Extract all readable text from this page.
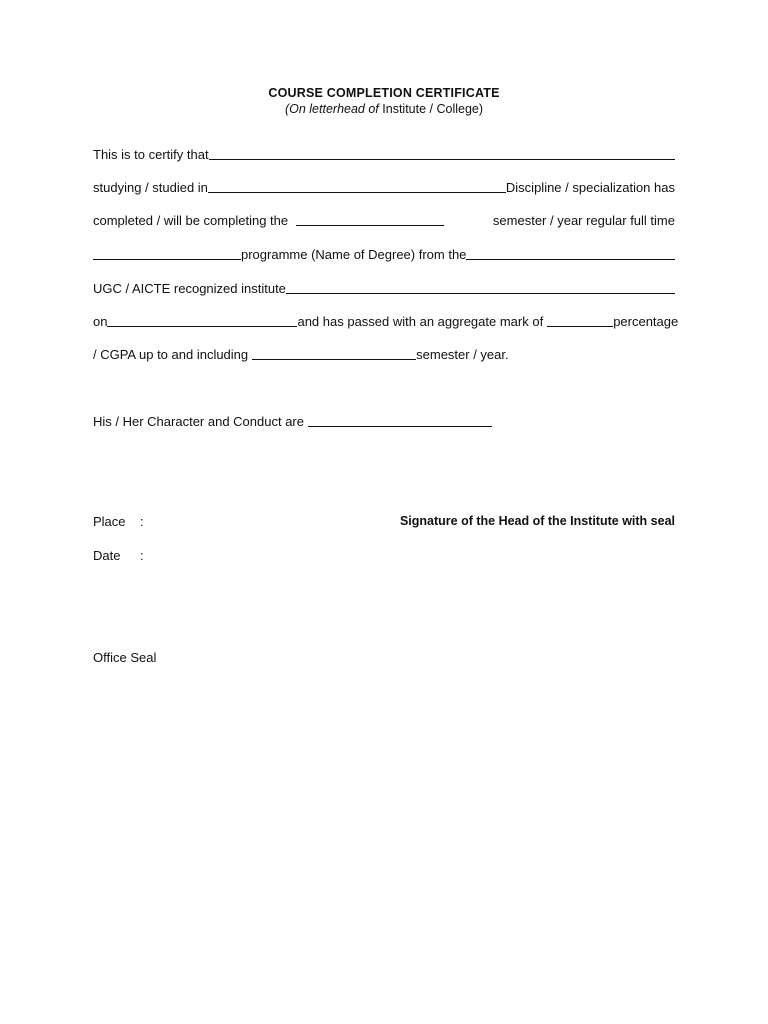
COURSE COMPLETION CERTIFICATE
(On letterhead of Institute / College)
This is to certify that
studying / studied in	Discipline / specialization has
completed / will be completing the	semester / year regular full time
programme (Name of Degree) from the
UGC / AICTE recognized institute
on	and has passed with an aggregate mark of	percentage
/ CGPA up to and including	semester / year.
His / Her Character and Conduct are
Place :	Signature of the Head of the Institute with seal
Date :
Office Seal
